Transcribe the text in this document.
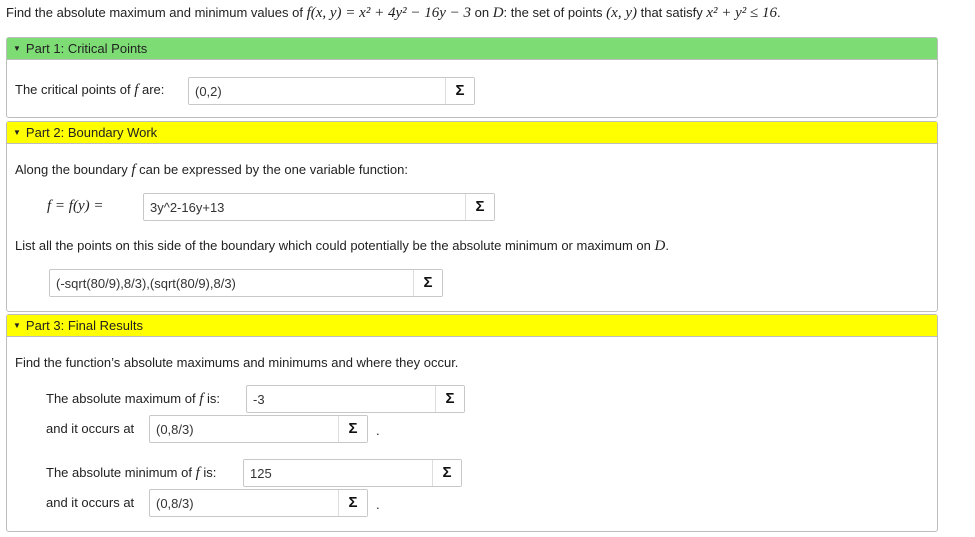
Find the absolute maximum and minimum values of f(x, y) = x² + 4y² − 16y − 3 on D: the set of points (x, y) that satisfy x² + y² ≤ 16.
▼ Part 1: Critical Points
The critical points of f are: (0,2)	Σ
▼ Part 2: Boundary Work
Along the boundary f can be expressed by the one variable function:
f = f(y) =	3y^2-16y+13	Σ
List all the points on this side of the boundary which could potentially be the absolute minimum or maximum on D.
(-sqrt(80/9),8/3),(sqrt(80/9),8/3)	Σ
▼ Part 3: Final Results
Find the function’s absolute maximums and minimums and where they occur.
The absolute maximum of f is:	-3	Σ
and it occurs at (0,8/3)	Σ	.
The absolute minimum of f is:	125	Σ
and it occurs at (0,8/3)	Σ	.
